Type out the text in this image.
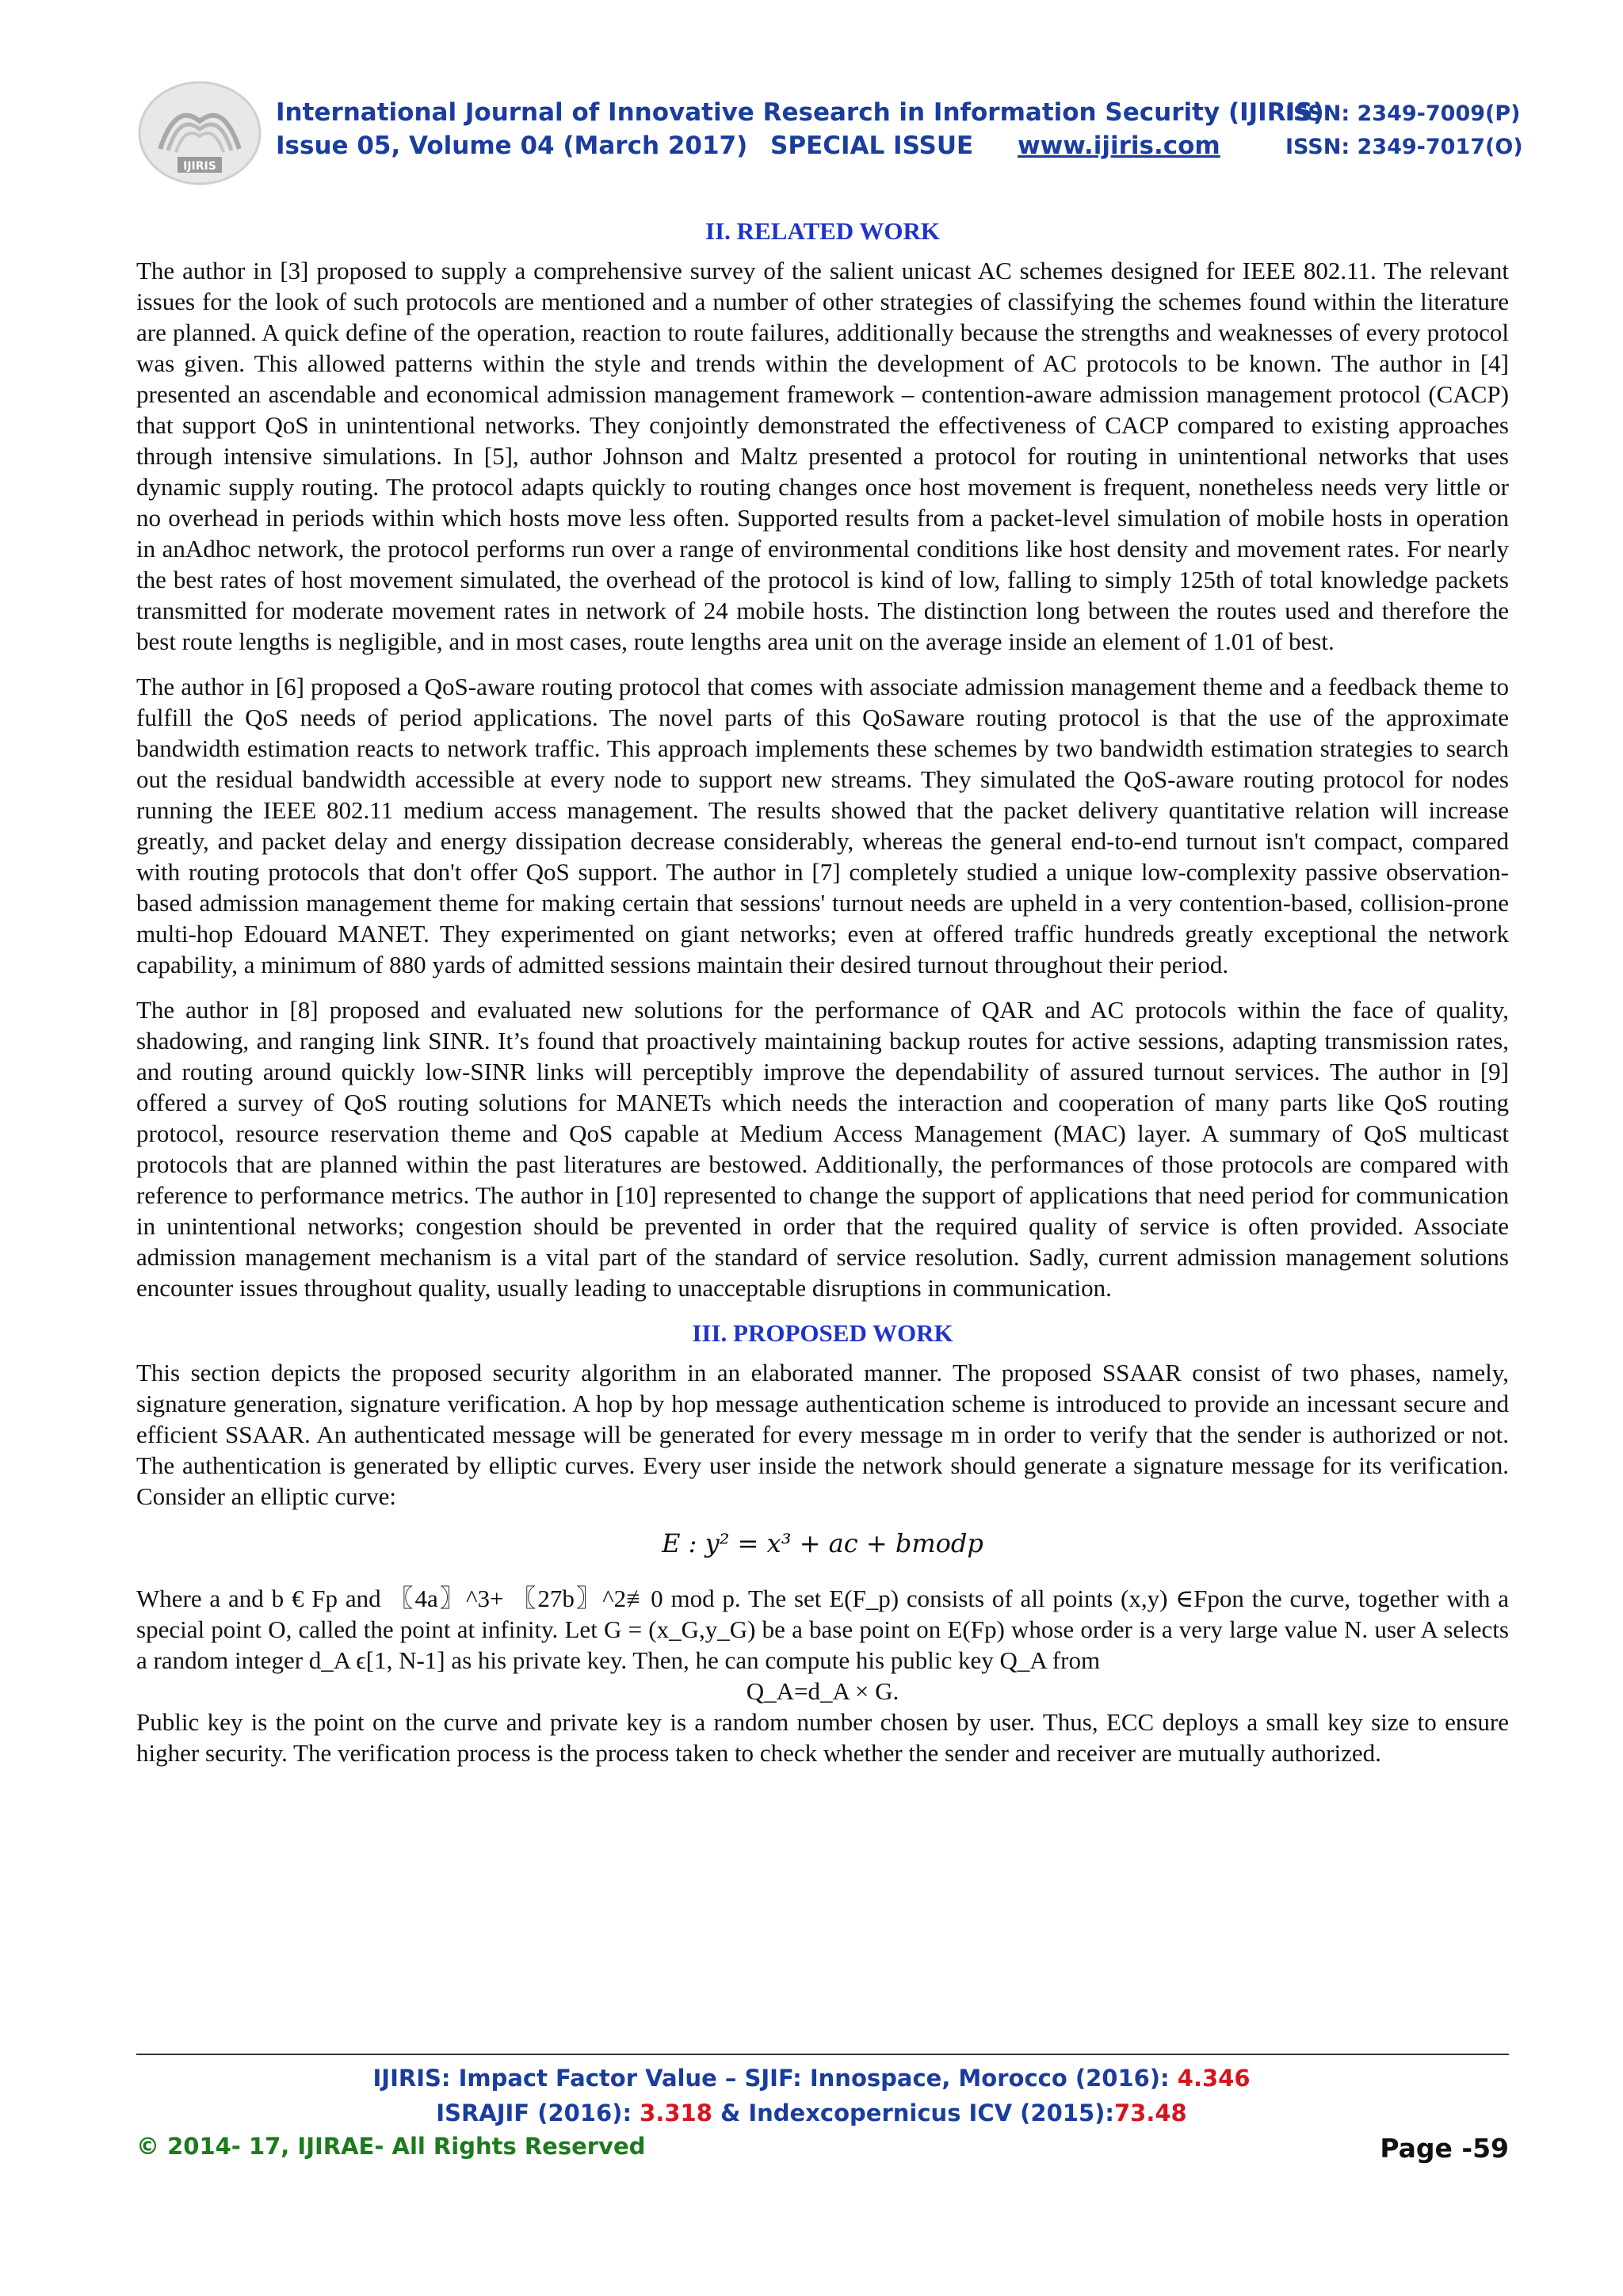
IJIRIS
International Journal of Innovative Research in Information Security (IJIRIS)
ISSN: 2349-7009(P)
Issue 05, Volume 04 (March 2017) SPECIAL ISSUE www.ijiris.com	ISSN: 2349-7017(O)
II. RELATED WORK

The author in [3] proposed to supply a comprehensive survey of the salient unicast AC schemes designed for IEEE 802.11. The relevant issues for the look of such protocols are mentioned and a number of other strategies of classifying the schemes found within the literature are planned. A quick define of the operation, reaction to route failures, additionally because the strengths and weaknesses of every protocol was given. This allowed patterns within the style and trends within the development of AC protocols to be known. The author in [4] presented an ascendable and economical admission management framework – contention-aware admission management protocol (CACP) that support QoS in unintentional networks. They conjointly demonstrated the effectiveness of CACP compared to existing approaches through intensive simulations. In [5], author Johnson and Maltz presented a protocol for routing in unintentional networks that uses dynamic supply routing. The protocol adapts quickly to routing changes once host movement is frequent, nonetheless needs very little or no overhead in periods within which hosts move less often. Supported results from a packet-level simulation of mobile hosts in operation in anAdhoc network, the protocol performs run over a range of environmental conditions like host density and movement rates. For nearly the best rates of host movement simulated, the overhead of the protocol is kind of low, falling to simply 125th of total knowledge packets transmitted for moderate movement rates in network of 24 mobile hosts. The distinction long between the routes used and therefore the best route lengths is negligible, and in most cases, route lengths area unit on the average inside an element of 1.01 of best.

The author in [6] proposed a QoS-aware routing protocol that comes with associate admission management theme and a feedback theme to fulfill the QoS needs of period applications. The novel parts of this QoSaware routing protocol is that the use of the approximate bandwidth estimation reacts to network traffic. This approach implements these schemes by two bandwidth estimation strategies to search out the residual bandwidth accessible at every node to support new streams. They simulated the QoS-aware routing protocol for nodes running the IEEE 802.11 medium access management. The results showed that the packet delivery quantitative relation will increase greatly, and packet delay and energy dissipation decrease considerably, whereas the general end-to-end turnout isn't compact, compared with routing protocols that don't offer QoS support. The author in [7] completely studied a unique low-complexity passive observation-based admission management theme for making certain that sessions' turnout needs are upheld in a very contention-based, collision-prone multi-hop Edouard MANET. They experimented on giant networks; even at offered traffic hundreds greatly exceptional the network capability, a minimum of 880 yards of admitted sessions maintain their desired turnout throughout their period.

The author in [8] proposed and evaluated new solutions for the performance of QAR and AC protocols within the face of quality, shadowing, and ranging link SINR. It’s found that proactively maintaining backup routes for active sessions, adapting transmission rates, and routing around quickly low-SINR links will perceptibly improve the dependability of assured turnout services. The author in [9] offered a survey of QoS routing solutions for MANETs which needs the interaction and cooperation of many parts like QoS routing protocol, resource reservation theme and QoS capable at Medium Access Management (MAC) layer. A summary of QoS multicast protocols that are planned within the past literatures are bestowed. Additionally, the performances of those protocols are compared with reference to performance metrics. The author in [10] represented to change the support of applications that need period for communication in unintentional networks; congestion should be prevented in order that the required quality of service is often provided. Associate admission management mechanism is a vital part of the standard of service resolution. Sadly, current admission management solutions encounter issues throughout quality, usually leading to unacceptable disruptions in communication.

III. PROPOSED WORK

This section depicts the proposed security algorithm in an elaborated manner. The proposed SSAAR consist of two phases, namely, signature generation, signature verification. A hop by hop message authentication scheme is introduced to provide an incessant secure and efficient SSAAR. An authenticated message will be generated for every message m in order to verify that the sender is authorized or not. The authentication is generated by elliptic curves. Every user inside the network should generate a signature message for its verification. Consider an elliptic curve:

E : y² = x³ + ac + bmodp

Where a and b € Fp and 〖4a〗^3+ 〖27b〗^2≢0 mod p. The set E(F_p) consists of all points (x,y) ∈Fpon the curve, together with a special point O, called the point at infinity. Let G = (x_G,y_G) be a base point on E(Fp) whose order is a very large value N. user A selects a random integer d_A ϵ[1, N-1] as his private key. Then, he can compute his public key Q_A from

Q_A=d_A × G.

Public key is the point on the curve and private key is a random number chosen by user. Thus, ECC deploys a small key size to ensure higher security. The verification process is the process taken to check whether the sender and receiver are mutually authorized.

IJIRIS: Impact Factor Value – SJIF: Innospace, Morocco (2016): 4.346
ISRAJIF (2016): 3.318 & Indexcopernicus ICV (2015):73.48
© 2014- 17, IJIRAE- All Rights Reserved	Page -59
